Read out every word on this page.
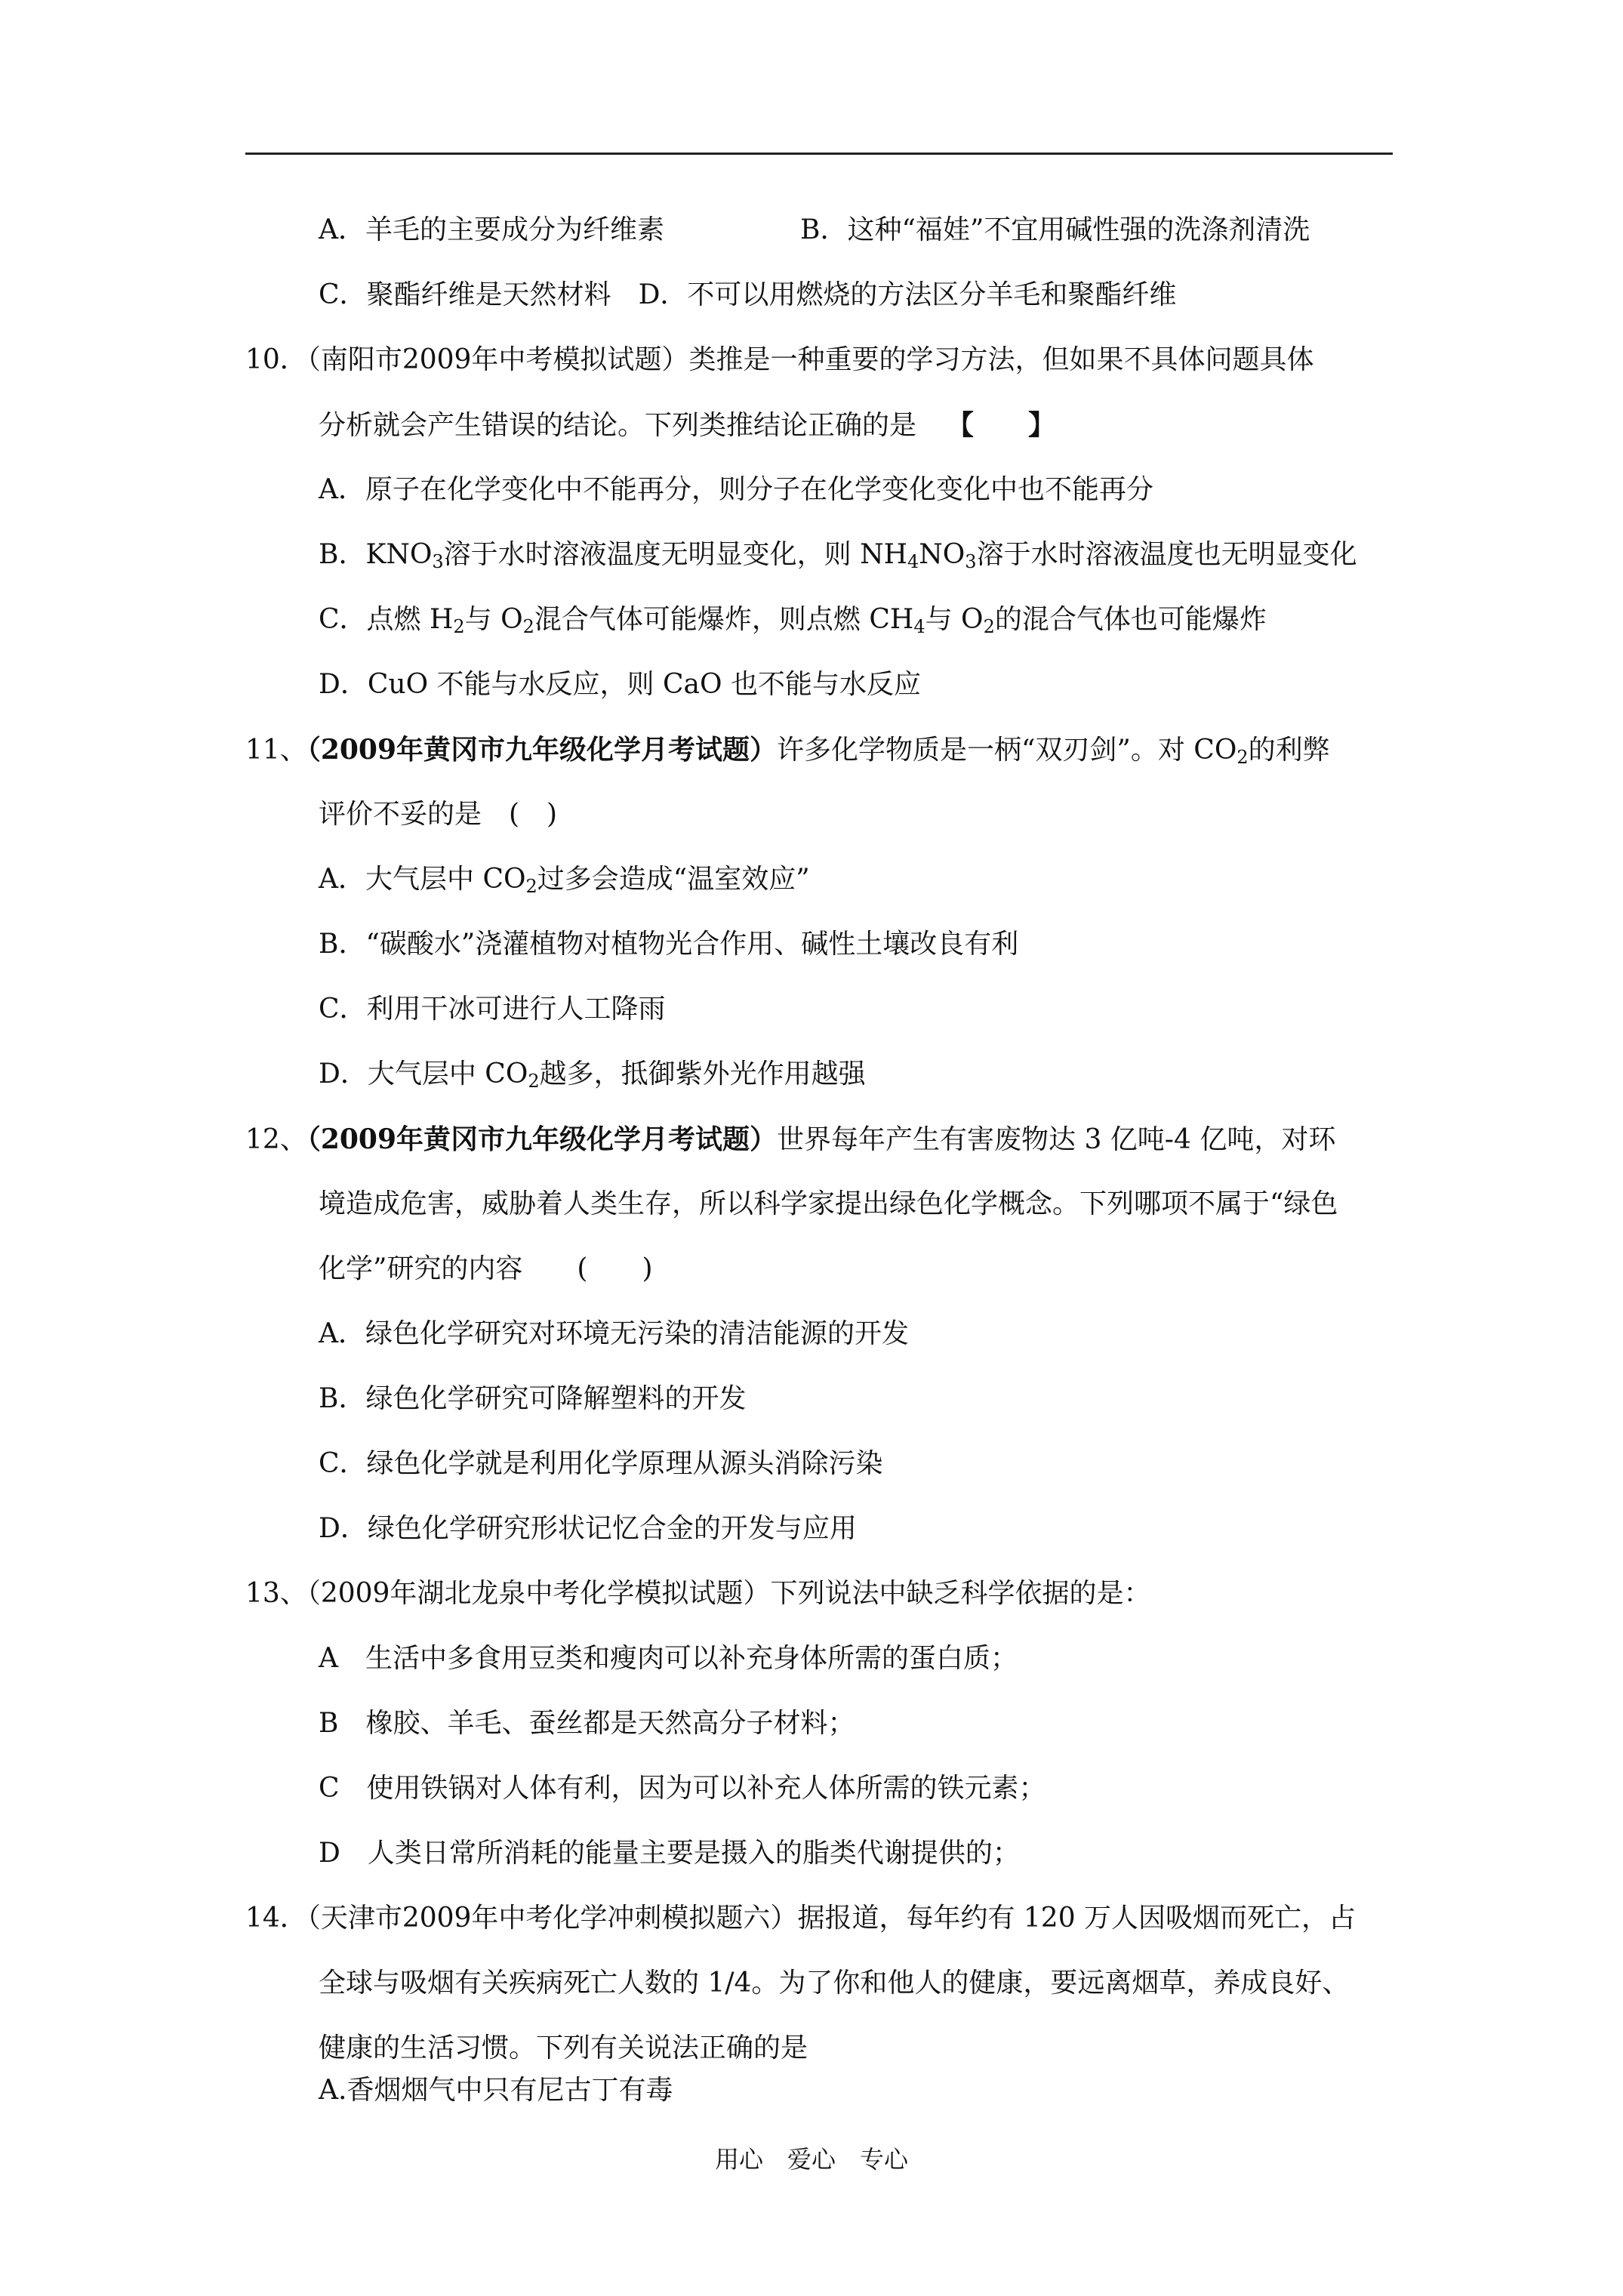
A．羊毛的主要成分为纤维素	B．这种“福娃”不宜用碱性强的洗涤剂清洗
C．聚酯纤维是天然材料　 D．不可以用燃烧的方法区分羊毛和聚酯纤维
10．（南阳市2009年中考模拟试题）类推是一种重要的学习方法，但如果不具体问题具体
分析就会产生错误的结论。下列类推结论正确的是 【　　】
A．原子在化学变化中不能再分，则分子在化学变化变化中也不能再分
B．$KNO_3$溶于水时溶液温度无明显变化，则 $NH_4NO_3$溶于水时溶液温度也无明显变化
C．点燃 $H_2$与 $O_2$混合气体可能爆炸，则点燃 $CH_4$与 $O_2$的混合气体也可能爆炸
D．CuO 不能与水反应，则 CaO 也不能与水反应
11、（2009年黄冈市九年级化学月考试题）许多化学物质是一柄“双刃剑”。对 $CO_2$的利弊
评价不妥的是　(　)
A．大气层中 $CO_2$过多会造成“温室效应”
B．“碳酸水”浇灌植物对植物光合作用、碱性土壤改良有利
C．利用干冰可进行人工降雨
D．大气层中 $CO_2$越多，抵御紫外光作用越强
12、（2009年黄冈市九年级化学月考试题）世界每年产生有害废物达 3 亿吨-4 亿吨，对环
境造成危害，威胁着人类生存，所以科学家提出绿色化学概念。下列哪项不属于“绿色
化学”研究的内容　　(　　)
A．绿色化学研究对环境无污染的清洁能源的开发
B．绿色化学研究可降解塑料的开发
C．绿色化学就是利用化学原理从源头消除污染
D．绿色化学研究形状记忆合金的开发与应用
13、（2009年湖北龙泉中考化学模拟试题）下列说法中缺乏科学依据的是：
A　生活中多食用豆类和瘦肉可以补充身体所需的蛋白质；
B　橡胶、羊毛、蚕丝都是天然高分子材料；
C　使用铁锅对人体有利，因为可以补充人体所需的铁元素；
D　人类日常所消耗的能量主要是摄入的脂类代谢提供的；
14．（天津市2009年中考化学冲刺模拟题六）据报道，每年约有 120 万人因吸烟而死亡，占
全球与吸烟有关疾病死亡人数的 1/4。为了你和他人的健康，要远离烟草，养成良好、
健康的生活习惯。下列有关说法正确的是
A.香烟烟气中只有尼古丁有毒
用心　爱心　专心
